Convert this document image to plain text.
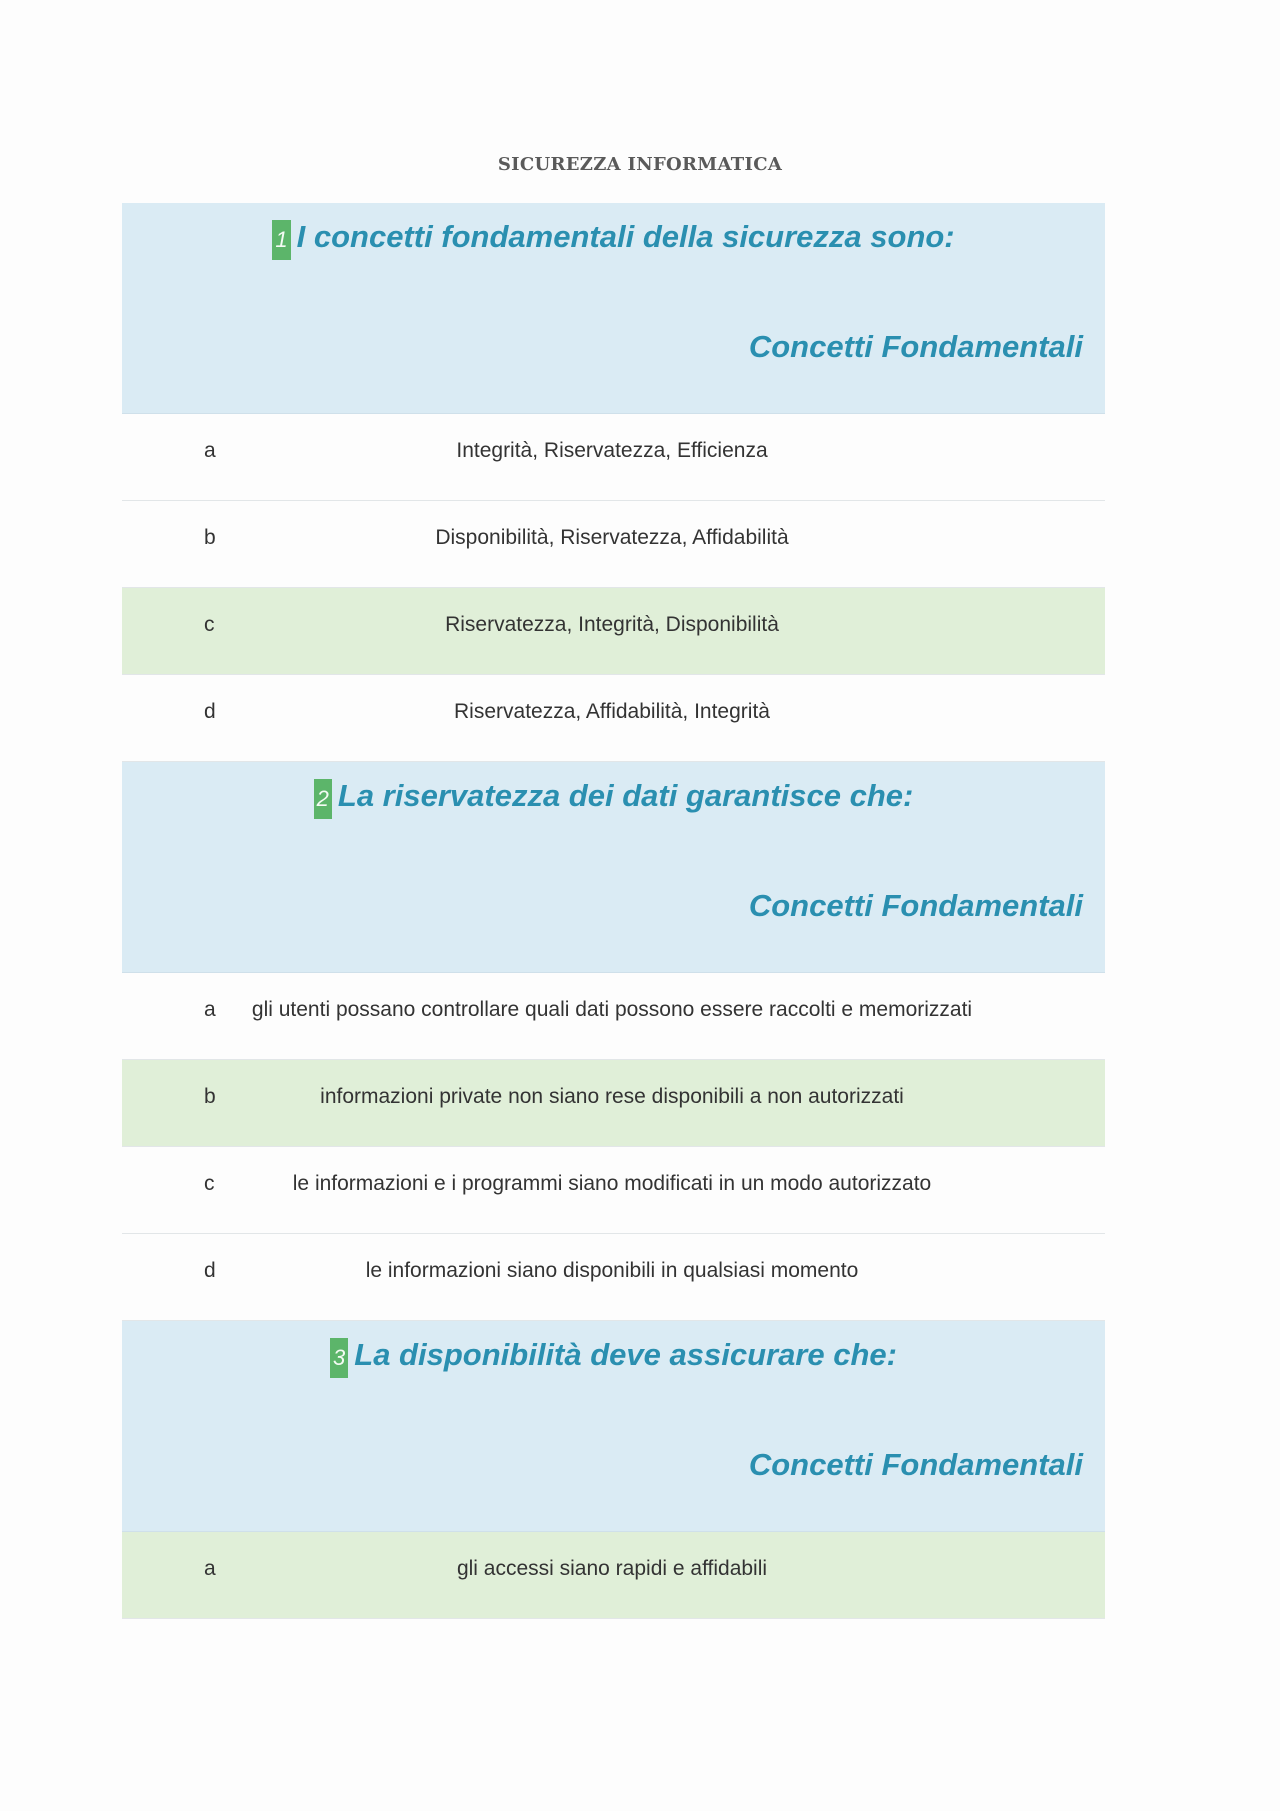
SICUREZZA INFORMATICA
1 I concetti fondamentali della sicurezza sono:
Concetti Fondamentali
a	Integrità, Riservatezza, Efficienza
b	Disponibilità, Riservatezza, Affidabilità
c	Riservatezza, Integrità, Disponibilità
d	Riservatezza, Affidabilità, Integrità
2 La riservatezza dei dati garantisce che:
Concetti Fondamentali
a	gli utenti possano controllare quali dati possono essere raccolti e memorizzati
b	informazioni private non siano rese disponibili a non autorizzati
c	le informazioni e i programmi siano modificati in un modo autorizzato
d	le informazioni siano disponibili in qualsiasi momento
3 La disponibilità deve assicurare che:
Concetti Fondamentali
a	gli accessi siano rapidi e affidabili
